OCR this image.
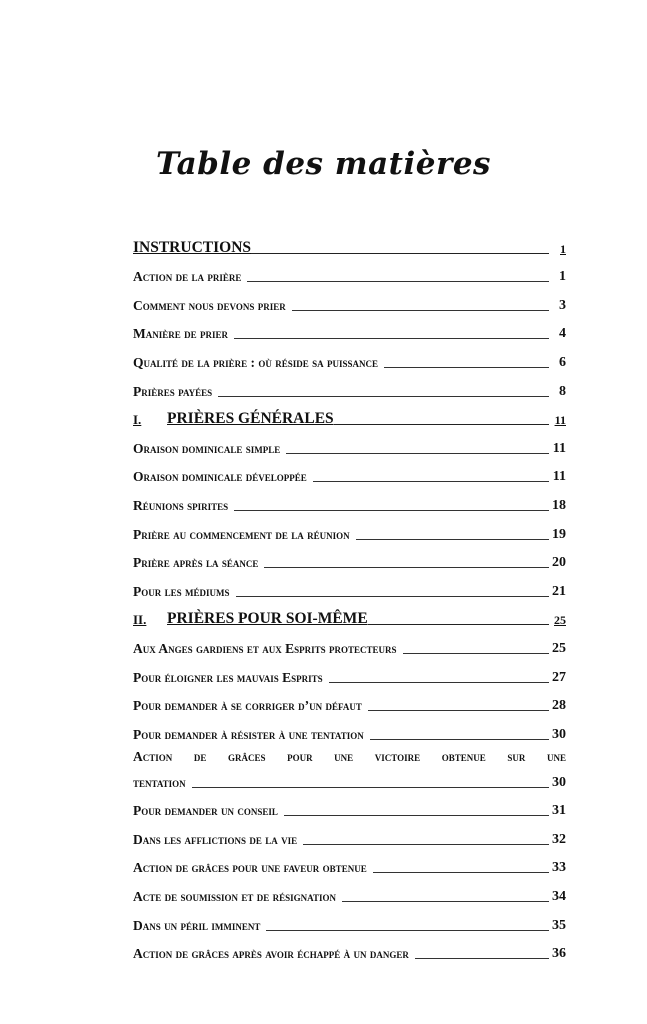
Table des matières
INSTRUCTIONS	1
Action de la prière	1
Comment nous devons prier	3
Manière de prier	4
Qualité de la prière : où réside sa puissance	6
Prières payées	8
I.	PRIÈRES GÉNÉRALES	11
Oraison dominicale simple	11
Oraison dominicale développée	11
Réunions spirites	18
Prière au commencement de la réunion	19
Prière après la séance	20
Pour les médiums	21
II.	PRIÈRES POUR SOI-MÊME	25
Aux Anges gardiens et aux Esprits protecteurs	25
Pour éloigner les mauvais Esprits	27
Pour demander à se corriger d’un défaut	28
Pour demander à résister à une tentation	30
Action de grâces pour une victoire obtenue sur une
tentation	30
Pour demander un conseil	31
Dans les afflictions de la vie	32
Action de grâces pour une faveur obtenue	33
Acte de soumission et de résignation	34
Dans un péril imminent	35
Action de grâces après avoir échappé à un danger	36
